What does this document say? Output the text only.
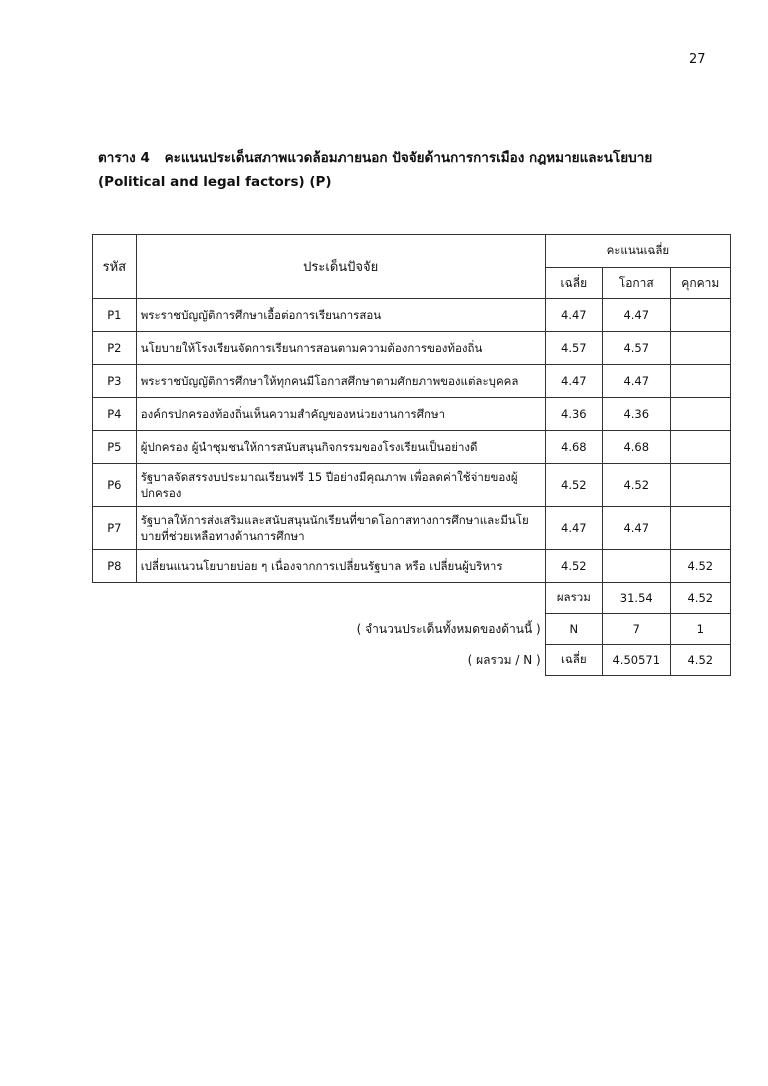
27
ตาราง 4 คะแนนประเด็นสภาพแวดล้อมภายนอก ปัจจัยด้านการการเมือง กฎหมายและนโยบาย (Political and legal factors) (P)
รหัส	ประเด็นปัจจัย	คะแนนเฉลี่ย		
		เฉลี่ย	โอกาส	คุกคาม
P1	พระราชบัญญัติการศึกษาเอื้อต่อการเรียนการสอน	4.47	4.47	
P2	นโยบายให้โรงเรียนจัดการเรียนการสอนตามความต้องการของท้องถิ่น	4.57	4.57	
P3	พระราชบัญญัติการศึกษาให้ทุกคนมีโอกาสศึกษาตามศักยภาพของแต่ละบุคคล	4.47	4.47	
P4	องค์กรปกครองท้องถิ่นเห็นความสำคัญของหน่วยงานการศึกษา	4.36	4.36	
P5	ผู้ปกครอง ผู้นำชุมชนให้การสนับสนุนกิจกรรมของโรงเรียนเป็นอย่างดี	4.68	4.68	
P6	รัฐบาลจัดสรรงบประมาณเรียนฟรี 15 ปีอย่างมีคุณภาพ เพื่อลดค่าใช้จ่ายของผู้ปกครอง	4.52	4.52	
P7	รัฐบาลให้การส่งเสริมและสนับสนุนนักเรียนที่ขาดโอกาสทางการศึกษาและมีนโยบายที่ช่วยเหลือทางด้านการศึกษา	4.47	4.47	
P8	เปลี่ยนแนวนโยบายบ่อย ๆ เนื่องจากการเปลี่ยนรัฐบาล หรือ เปลี่ยนผู้บริหาร	4.52		4.52
		ผลรวม	31.54	4.52
	( จำนวนประเด็นทั้งหมดของด้านนี้ )	N	7	1
	( ผลรวม / N )	เฉลี่ย	4.50571	4.52
